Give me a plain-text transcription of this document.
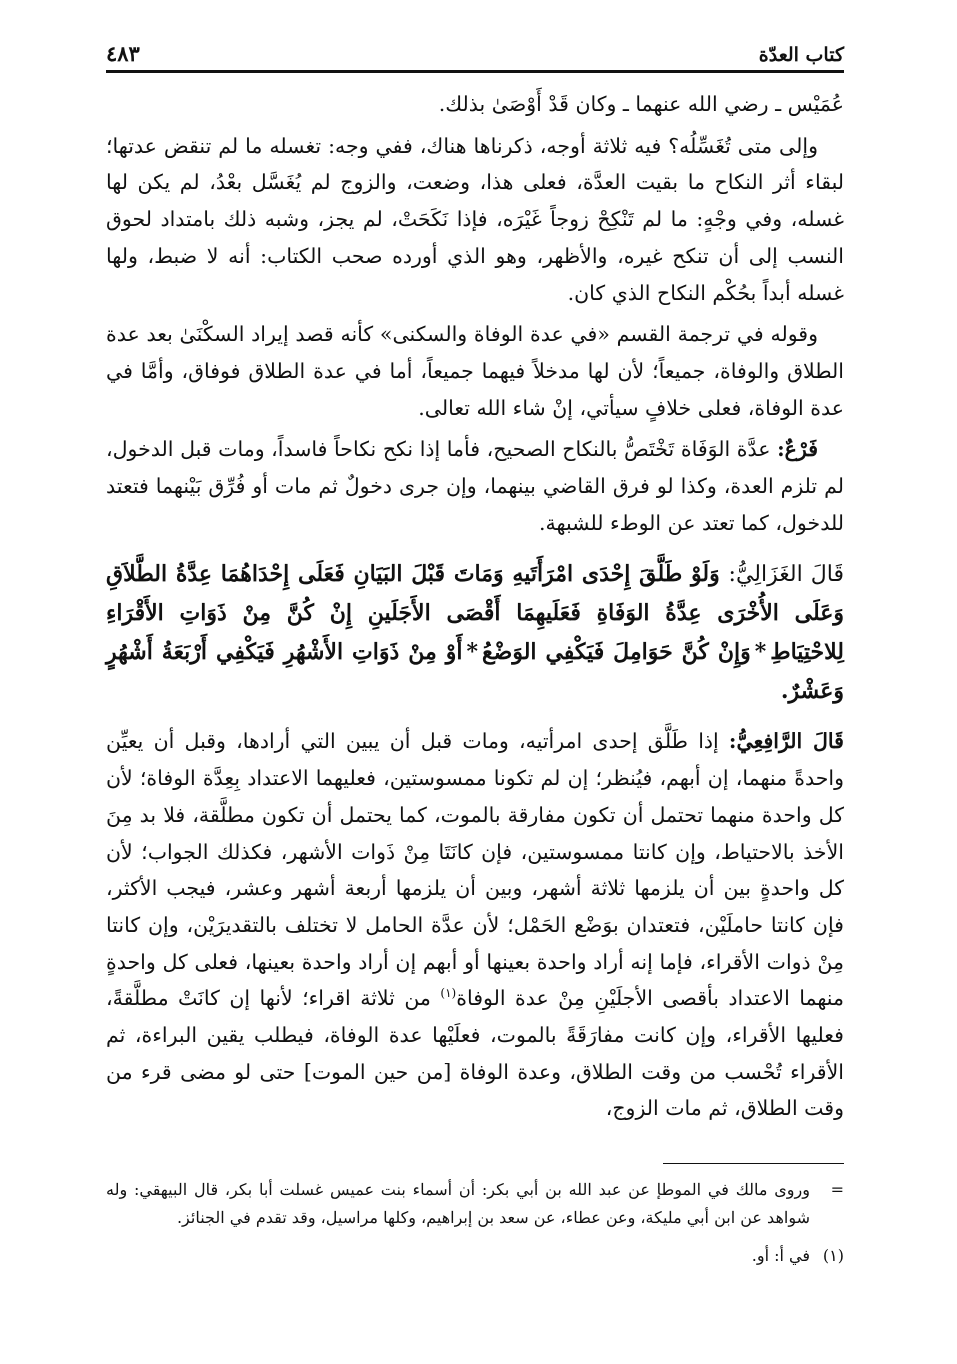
كتاب العدّة
٤٨٣

عُمَيْس ـ رضي الله عنهما ـ وكان قَدْ أَوْصَىٰ بذلك.

وإلى متى تُغَسِّلُه؟ فيه ثلاثة أوجه، ذكرناها هناك، ففي وجه: تغسله ما لم تنقض عدتها؛ لبقاء أثر النكاح ما بقيت العدَّة، فعلى هذا، وضعت، والزوج لم يُغَسَّل بعْدُ، لم يكن لها غسله، وفي وجْهٍ: ما لم تَنْكِحْ زوجاً غَيْرَه، فإذا نَكَحَتْ، لم يجز، وشبه ذلك بامتداد لحوق النسب إلى أن تنكح غيره، والأظهر، وهو الذي أورده صحب الكتاب: أنه لا ضبط، ولها غسله أبداً بحُكْم النكاح الذي كان.

وقوله في ترجمة القسم «في عدة الوفاة والسكنى» كأنه قصد إيراد السكْنَىٰ بعد عدة الطلاق والوفاة، جميعاً؛ لأن لها مدخلاً فيهما جميعاً، أما في عدة الطلاق فوفاق، وأمَّا في عدة الوفاة، فعلى خلافٍ سيأتي، إنْ شاء الله تعالى.

فَرْعٌ: عدَّة الوَفَاة تَخْتَصُّ بالنكاح الصحيح، فأما إذا نكح نكاحاً فاسداً، ومات قبل الدخول، لم تلزم العدة، وكذا لو فرق القاضي بينهما، وإن جرى دخولٌ ثم مات أو فُرِّق بَيْنهما فتعتد للدخول، كما تعتد عن الوطء للشبهة.

قَالَ الغَزَالِيُّ: وَلَوْ طَلَّقَ إِحْدَى امْرَأَتَيهِ وَمَاتَ قَبْلَ البَيَانِ فَعَلَى إِحْدَاهُمَا عِدَّةُ الطَّلاَقِ وَعَلَى الأُخْرَى عِدَّةُ الوَفَاةِ فَعَلَيهِمَا أَقْصَى الأَجَلَينِ إِنْ كُنَّ مِنْ ذَوَاتِ الأَقْرَاءِ لِلاحْتِيَاطِ*وَإِنْ كُنَّ حَوَامِلَ فَيَكْفِي الوَضْعُ*أَوْ مِنْ ذَوَاتِ الأَشْهُرِ فَيَكْفِي أَرْبَعَةُ أَشْهُرٍ وَعَشْرٌ.

قَالَ الرَّافِعِيُّ: إذا طَلَّق إحدى امرأتيه، ومات قبل أن يبين التي أرادها، وقبل أن يعيِّن واحدةً منهما، إن أبهم، فيُنظر؛ إن لم تكونا ممسوستين، فعليهما الاعتداد بِعِدَّة الوفاة؛ لأن كل واحدة منهما تحتمل أن تكون مفارقة بالموت، كما يحتمل أن تكون مطلَّقة، فلا بد مِنَ الأخذ بالاحتياط، وإن كانتا ممسوستين، فإن كانَتَا مِنْ ذَوات الأشهر، فكذلك الجواب؛ لأن كل واحدةٍ بين أن يلزمها ثلاثة أشهر، وبين أن يلزمها أربعة أشهر وعشر، فيجب الأكثر، فإن كانتا حاملَيْن، فتعتدان بوَضْع الحَمْل؛ لأن عدَّة الحامل لا تختلف بالتقديرَيْن، وإن كانتا مِنْ ذوات الأقراء، فإما إنه أراد واحدة بعينها أو أبهم إن أراد واحدة بعينها، فعلى كل واحدةٍ منهما الاعتداد بأقصى الأجلَيْنِ مِنْ عدة الوفاة$^{(١)}$ من ثلاثة اقراء؛ لأنها إن كانَتْ مطلَّقةً، فعليها الأقراء، وإن كانت مفارَقَةً بالموت، فعلَيْها عدة الوفاة، فيطلب يقين البراءة، ثم الأقراء تُحْسب من وقت الطلاق، وعدة الوفاة [من حين الموت] حتى لو مضى قرء من وقت الطلاق، ثم مات الزوج،

=
وروى مالك في الموطإ عن عبد الله بن أبي بكر: أن أسماء بنت عميس غسلت أبا بكر، قال البيهقي: وله شواهد عن ابن أبي مليكة، وعن عطاء، عن سعد بن إبراهيم، وكلها مراسيل، وقد تقدم في الجنائز.
(١)
في أ: أو.
